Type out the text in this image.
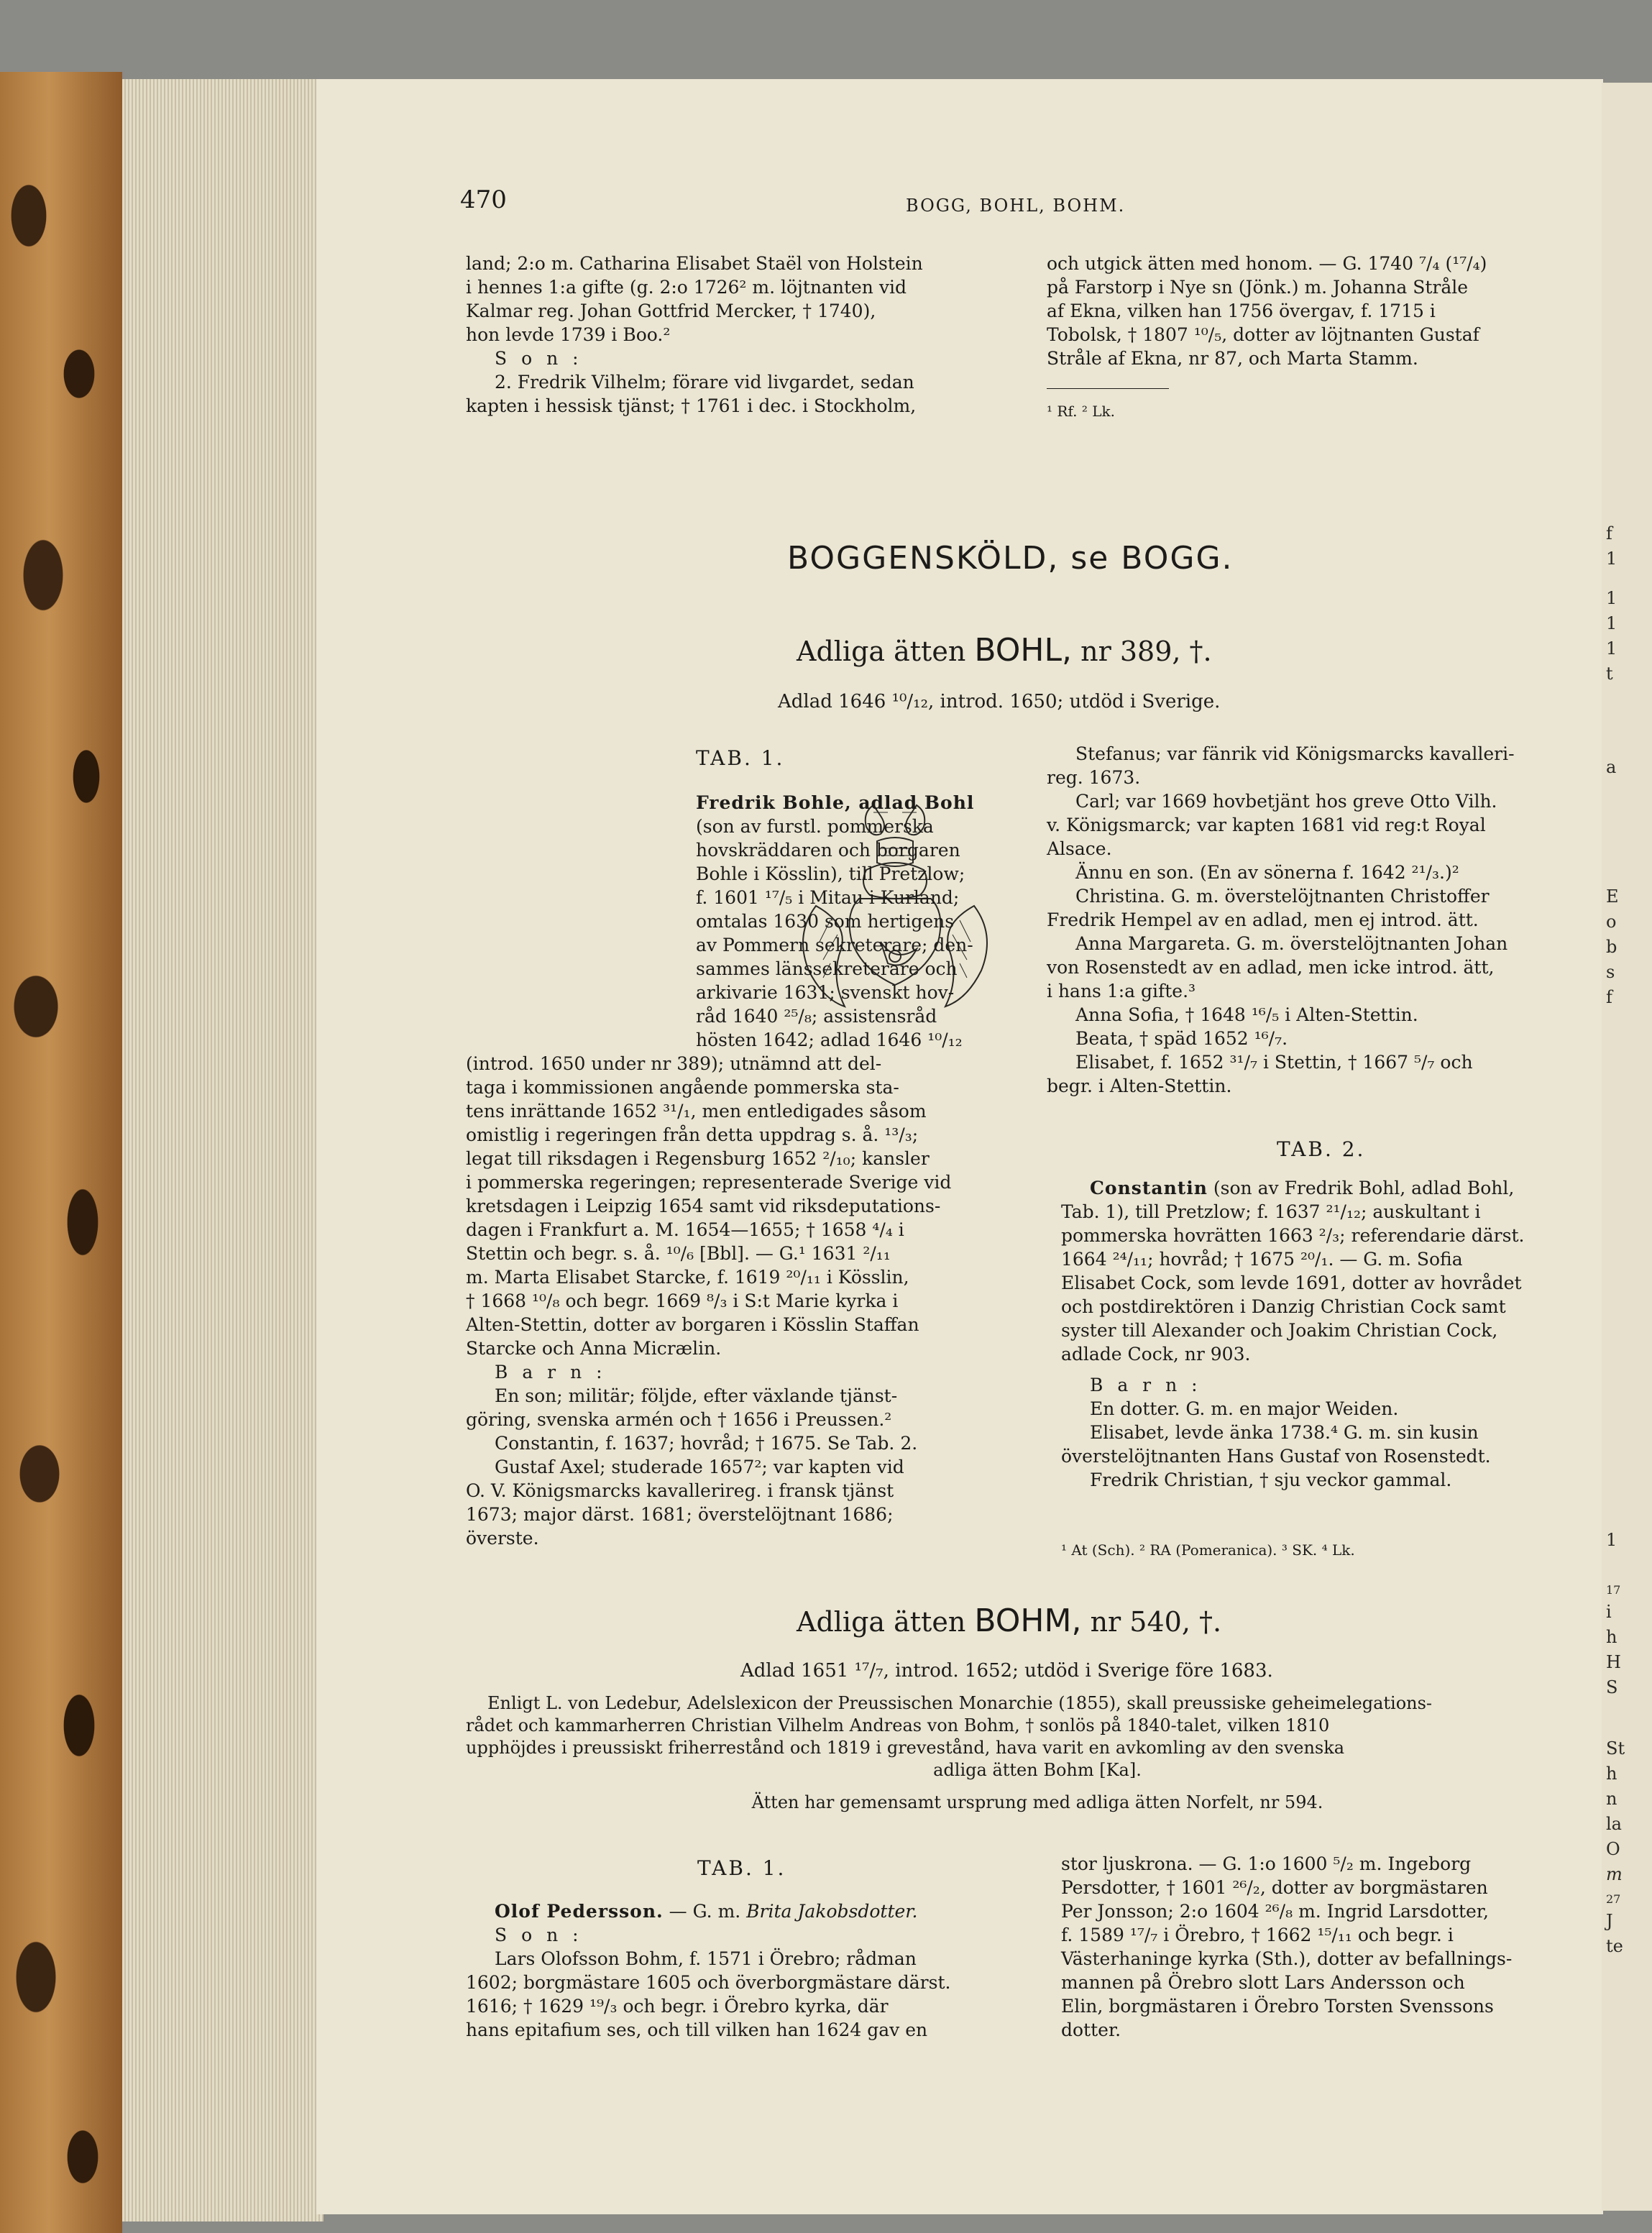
470	BOGG, BOHL, BOHM.

land; 2:o m. Catharina Elisabet Staël von Holstein

i hennes 1:a gifte (g. 2:o 1726² m. löjtnanten vid

Kalmar reg. Johan Gottfrid Mercker, † 1740),

hon levde 1739 i Boo.²

S o n :

2. Fredrik Vilhelm; förare vid livgardet, sedan

kapten i hessisk tjänst; † 1761 i dec. i Stockholm,

och utgick ätten med honom. — G. 1740 ⁷/₄ (¹⁷/₄)

på Farstorp i Nye sn (Jönk.) m. Johanna Stråle

af Ekna, vilken han 1756 övergav, f. 1715 i

Tobolsk, † 1807 ¹⁰/₅, dotter av löjtnanten Gustaf

Stråle af Ekna, nr 87, och Marta Stamm.

¹ Rf. ² Lk.
BOGGENSKÖLD, se BOGG.
Adliga ätten BOHL, nr 389, †.
Adlad 1646 ¹⁰/₁₂, introd. 1650; utdöd i Sverige.
TAB. 1.

Fredrik Bohle, adlad Bohl

(son av furstl. pommerska

hovskräddaren och borgaren

Bohle i Kösslin), till Pretzlow;

f. 1601 ¹⁷/₅ i Mitau i Kurland;

omtalas 1630 som hertigens

av Pommern sekreterare; den-

sammes länssekreterare och

arkivarie 1631; svenskt hov-

råd 1640 ²⁵/₈; assistensråd

hösten 1642; adlad 1646 ¹⁰/₁₂

(introd. 1650 under nr 389); utnämnd att del-

taga i kommissionen angående pommerska sta-

tens inrättande 1652 ³¹/₁, men entledigades såsom

omistlig i regeringen från detta uppdrag s. å. ¹³/₃;

legat till riksdagen i Regensburg 1652 ²/₁₀; kansler

i pommerska regeringen; representerade Sverige vid

kretsdagen i Leipzig 1654 samt vid riksdeputations-

dagen i Frankfurt a. M. 1654—1655; † 1658 ⁴/₄ i

Stettin och begr. s. å. ¹⁰/₆ [Bbl]. — G.¹ 1631 ²/₁₁

m. Marta Elisabet Starcke, f. 1619 ²⁰/₁₁ i Kösslin,

† 1668 ¹⁰/₈ och begr. 1669 ⁸/₃ i S:t Marie kyrka i

Alten-Stettin, dotter av borgaren i Kösslin Staffan

Starcke och Anna Micrælin.

B a r n :

En son; militär; följde, efter växlande tjänst-

göring, svenska armén och † 1656 i Preussen.²

Constantin, f. 1637; hovråd; † 1675. Se Tab. 2.

Gustaf Axel; studerade 1657²; var kapten vid

O. V. Königsmarcks kavallerireg. i fransk tjänst

1673; major därst. 1681; överstelöjtnant 1686;

överste.

Stefanus; var fänrik vid Königsmarcks kavalleri-

reg. 1673.

Carl; var 1669 hovbetjänt hos greve Otto Vilh.

v. Königsmarck; var kapten 1681 vid reg:t Royal

Alsace.

Ännu en son. (En av sönerna f. 1642 ²¹/₃.)²

Christina. G. m. överstelöjtnanten Christoffer

Fredrik Hempel av en adlad, men ej introd. ätt.

Anna Margareta. G. m. överstelöjtnanten Johan

von Rosenstedt av en adlad, men icke introd. ätt,

i hans 1:a gifte.³

Anna Sofia, † 1648 ¹⁶/₅ i Alten-Stettin.

Beata, † späd 1652 ¹⁶/₇.

Elisabet, f. 1652 ³¹/₇ i Stettin, † 1667 ⁵/₇ och

begr. i Alten-Stettin.

TAB. 2.

Constantin (son av Fredrik Bohl, adlad Bohl,

Tab. 1), till Pretzlow; f. 1637 ²¹/₁₂; auskultant i

pommerska hovrätten 1663 ²/₃; referendarie därst.

1664 ²⁴/₁₁; hovråd; † 1675 ²⁰/₁. — G. m. Sofia

Elisabet Cock, som levde 1691, dotter av hovrådet

och postdirektören i Danzig Christian Cock samt

syster till Alexander och Joakim Christian Cock,

adlade Cock, nr 903.

B a r n :

En dotter. G. m. en major Weiden.

Elisabet, levde änka 1738.⁴ G. m. sin kusin

överstelöjtnanten Hans Gustaf von Rosenstedt.

Fredrik Christian, † sju veckor gammal.

¹ At (Sch). ² RA (Pomeranica). ³ SK. ⁴ Lk.
Adliga ätten BOHM, nr 540, †.
Adlad 1651 ¹⁷/₇, introd. 1652; utdöd i Sverige före 1683.

Enligt L. von Ledebur, Adelslexicon der Preussischen Monarchie (1855), skall preussiske geheimelegations-

rådet och kammarherren Christian Vilhelm Andreas von Bohm, † sonlös på 1840-talet, vilken 1810

upphöjdes i preussiskt friherrestånd och 1819 i grevestånd, hava varit en avkomling av den svenska

adliga ätten Bohm [Ka].

Ätten har gemensamt ursprung med adliga ätten Norfelt, nr 594.

TAB. 1.

Olof Pedersson. — G. m. Brita Jakobsdotter.

S o n :

Lars Olofsson Bohm, f. 1571 i Örebro; rådman

1602; borgmästare 1605 och överborgmästare därst.

1616; † 1629 ¹⁹/₃ och begr. i Örebro kyrka, där

hans epitafium ses, och till vilken han 1624 gav en

stor ljuskrona. — G. 1:o 1600 ⁵/₂ m. Ingeborg

Persdotter, † 1601 ²⁶/₂, dotter av borgmästaren

Per Jonsson; 2:o 1604 ²⁶/₈ m. Ingrid Larsdotter,

f. 1589 ¹⁷/₇ i Örebro, † 1662 ¹⁵/₁₁ och begr. i

Västerhaninge kyrka (Sth.), dotter av befallnings-

mannen på Örebro slott Lars Andersson och

Elin, borgmästaren i Örebro Torsten Svenssons

dotter.

f
1
1
1
1
t
a
E
o
b
s
f
1
17
i
h
H
S
St
h
n
la
O
m
27
J
te
